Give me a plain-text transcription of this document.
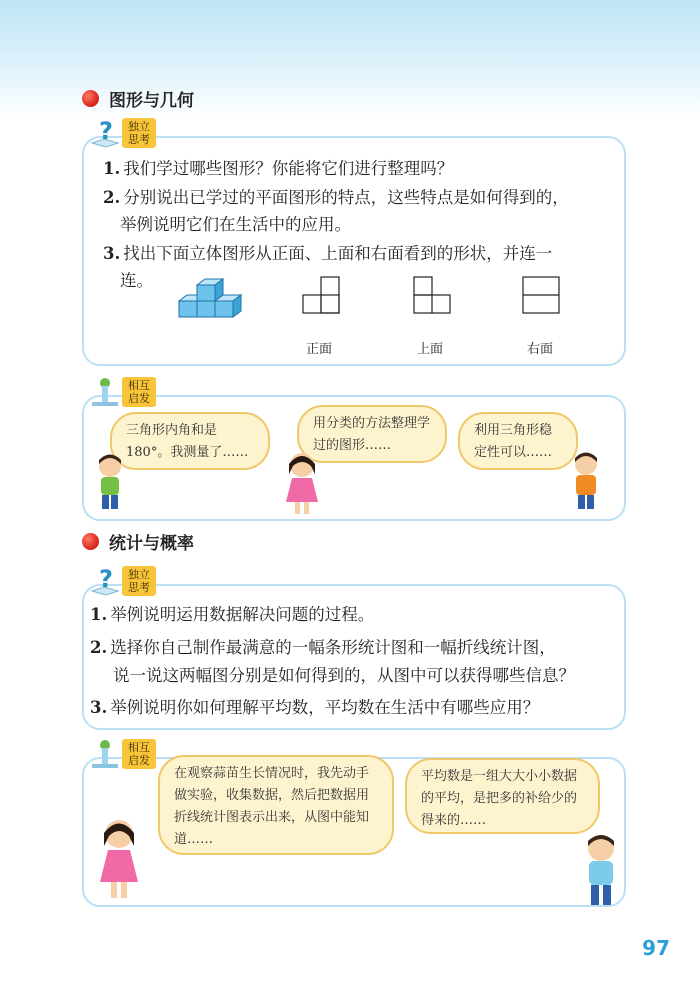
图形与几何
?	独立思考
1. 我们学过哪些图形？你能将它们进行整理吗？
2. 分别说出已学过的平面图形的特点，这些特点是如何得到的，
举例说明它们在生活中的应用。
3. 找出下面立体图形从正面、上面和右面看到的形状，并连一
连。
正面	上面	右面
相互启发
三角形内角和是180°。我测量了……
用分类的方法整理学过的图形……
利用三角形稳定性可以……
统计与概率
?	独立思考
1. 举例说明运用数据解决问题的过程。
2. 选择你自己制作最满意的一幅条形统计图和一幅折线统计图，
说一说这两幅图分别是如何得到的，从图中可以获得哪些信息？
3. 举例说明你如何理解平均数，平均数在生活中有哪些应用？
相互启发
在观察蒜苗生长情况时，我先动手做实验，收集数据，然后把数据用折线统计图表示出来，从图中能知道……
平均数是一组大大小小数据的平均，是把多的补给少的得来的……
97
